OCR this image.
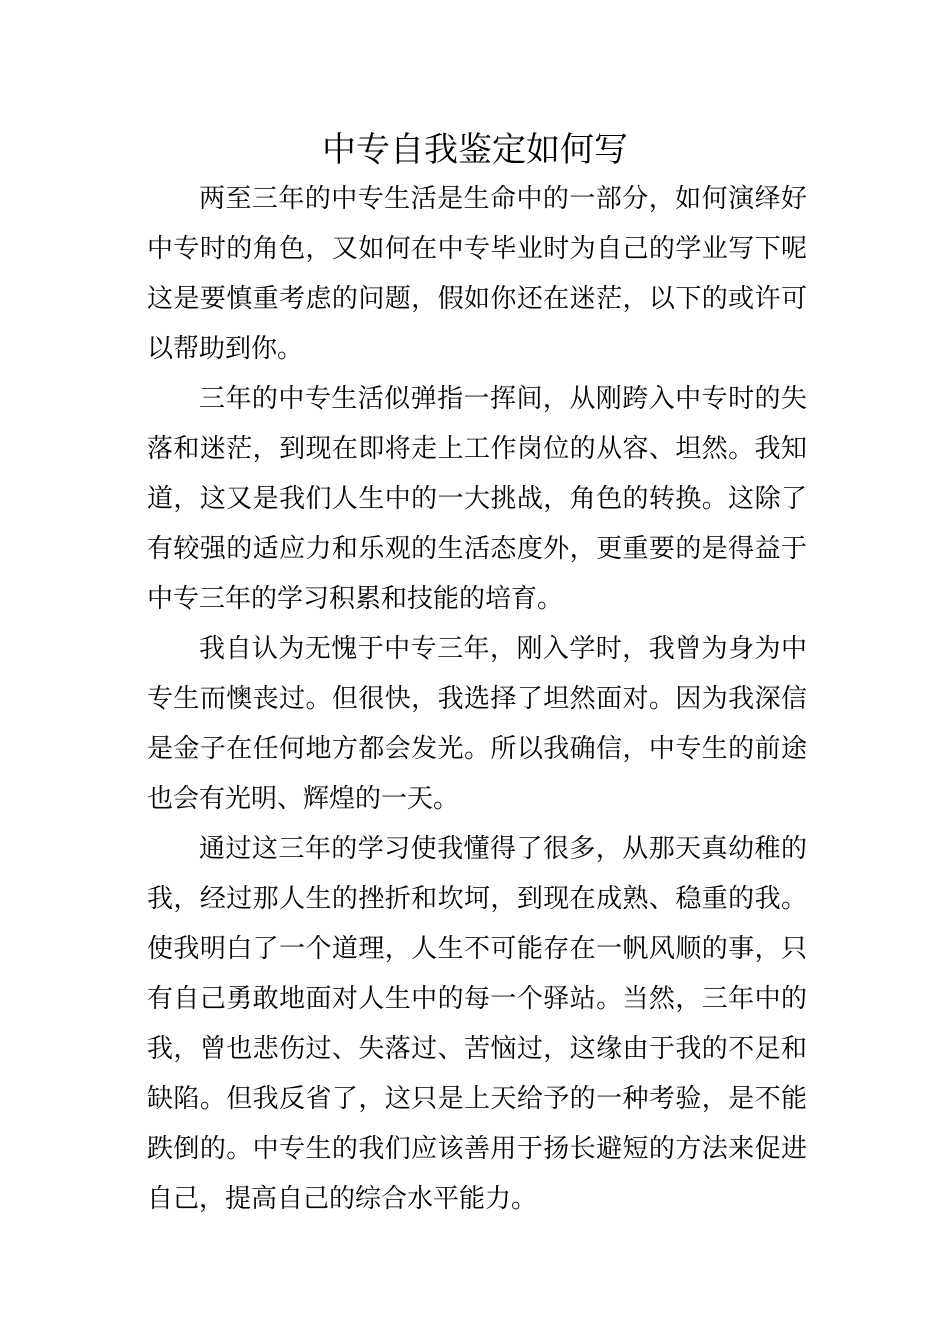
中专自我鉴定如何写

两至三年的中专生活是生命中的一部分，如何演绎好中专时的角色，又如何在中专毕业时为自己的学业写下呢这是要慎重考虑的问题，假如你还在迷茫，以下的或许可以帮助到你。

三年的中专生活似弹指一挥间，从刚跨入中专时的失落和迷茫，到现在即将走上工作岗位的从容、坦然。我知道，这又是我们人生中的一大挑战，角色的转换。这除了有较强的适应力和乐观的生活态度外，更重要的是得益于中专三年的学习积累和技能的培育。

我自认为无愧于中专三年，刚入学时，我曾为身为中专生而懊丧过。但很快，我选择了坦然面对。因为我深信是金子在任何地方都会发光。所以我确信，中专生的前途也会有光明、辉煌的一天。

通过这三年的学习使我懂得了很多，从那天真幼稚的我，经过那人生的挫折和坎坷，到现在成熟、稳重的我。使我明白了一个道理，人生不可能存在一帆风顺的事，只有自己勇敢地面对人生中的每一个驿站。当然，三年中的我，曾也悲伤过、失落过、苦恼过，这缘由于我的不足和缺陷。但我反省了，这只是上天给予的一种考验，是不能跌倒的。中专生的我们应该善用于扬长避短的方法来促进自己，提高自己的综合水平能力。
